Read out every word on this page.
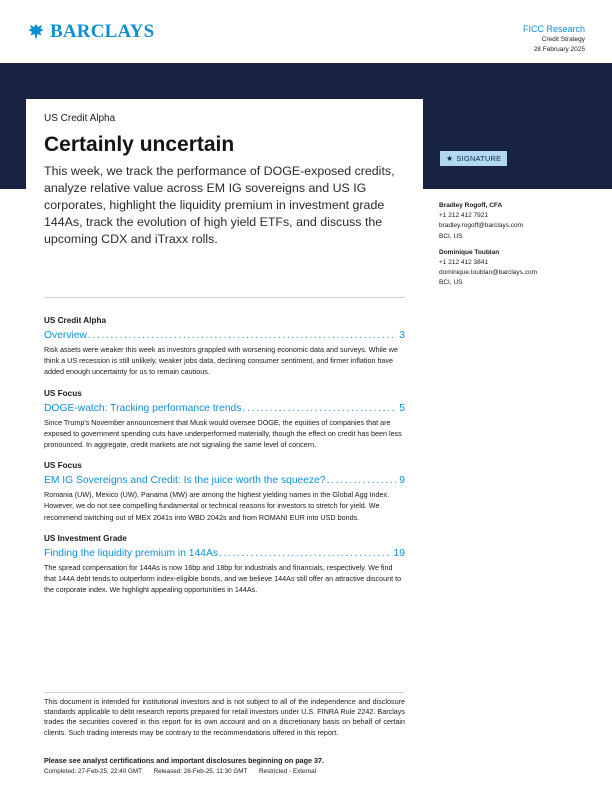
BARCLAYS	FICC Research
Credit Strategy
28 February 2025
US Credit Alpha
Certainly uncertain
This week, we track the performance of DOGE-exposed credits, analyze relative value across EM IG sovereigns and US IG corporates, highlight the liquidity premium in investment grade 144As, track the evolution of high yield ETFs, and discuss the upcoming CDX and iTraxx rolls.
★ SIGNATURE
Bradley Rogoff, CFA
+1 212 412 7921
bradley.rogoff@barclays.com
BCI, US
Dominique Toublan
+1 212 412 3841
dominique.toublan@barclays.com
BCI, US
US Credit Alpha
Overview . . .	3
Risk assets were weaker this week as investors grappled with worsening economic data and surveys. While we think a US recession is still unlikely, weaker jobs data, declining consumer sentiment, and firmer inflation have added enough uncertainty for us to remain cautious.
US Focus
DOGE-watch: Tracking performance trends . . .	5
Since Trump's November announcement that Musk would oversee DOGE, the equities of companies that are exposed to government spending cuts have underperformed materially, though the effect on credit has been less pronounced. In aggregate, credit markets are not signaling the same level of concern.
US Focus
EM IG Sovereigns and Credit: Is the juice worth the squeeze? . . .	9
Romania (UW), Mexico (UW), Panama (MW) are among the highest yielding names in the Global Agg Index. However, we do not see compelling fundamental or technical reasons for investors to stretch for yield. We recommend switching out of MEX 2041s into WBD 2042s and from ROMANI EUR into USD bonds.
US Investment Grade
Finding the liquidity premium in 144As . . .	19
The spread compensation for 144As is now 16bp and 18bp for industrials and financials, respectively. We find that 144A debt tends to outperform index-eligible bonds, and we believe 144As still offer an attractive discount to the corporate index. We highlight appealing opportunities in 144As.
This document is intended for institutional investors and is not subject to all of the independence and disclosure standards applicable to debt research reports prepared for retail investors under U.S. FINRA Rule 2242. Barclays trades the securities covered in this report for its own account and on a discretionary basis on behalf of certain clients. Such trading interests may be contrary to the recommendations offered in this report.
Please see analyst certifications and important disclosures beginning on page 37.
Completed: 27-Feb-25, 22:40 GMT Released: 28-Feb-25, 11:30 GMT Restricted - External
